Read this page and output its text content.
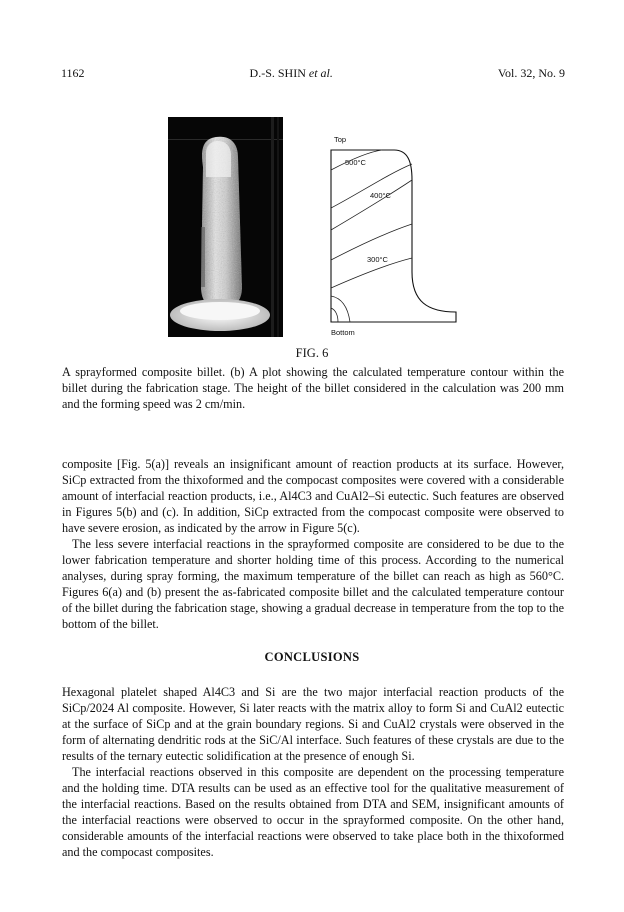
1162	D.-S. SHIN et al.	Vol. 32, No. 9
Top
500°C
400°C
300°C
Bottom
FIG. 6

A sprayformed composite billet. (b) A plot showing the calculated temperature contour within the billet during the fabrication stage. The height of the billet considered in the calculation was 200 mm and the forming speed was 2 cm/min.

composite [Fig. 5(a)] reveals an insignificant amount of reaction products at its surface. However, SiCp extracted from the thixoformed and the compocast composites were covered with a considerable amount of interfacial reaction products, i.e., Al4C3 and CuAl2–Si eutectic. Such features are observed in Figures 5(b) and (c). In addition, SiCp extracted from the compocast composite were observed to have severe erosion, as indicated by the arrow in Figure 5(c).

The less severe interfacial reactions in the sprayformed composite are considered to be due to the lower fabrication temperature and shorter holding time of this process. According to the numerical analyses, during spray forming, the maximum temperature of the billet can reach as high as 560°C. Figures 6(a) and (b) present the as-fabricated composite billet and the calculated temperature contour of the billet during the fabrication stage, showing a gradual decrease in temperature from the top to the bottom of the billet.

CONCLUSIONS

Hexagonal platelet shaped Al4C3 and Si are the two major interfacial reaction products of the SiCp/2024 Al composite. However, Si later reacts with the matrix alloy to form Si and CuAl2 eutectic at the surface of SiCp and at the grain boundary regions. Si and CuAl2 crystals were observed in the form of alternating dendritic rods at the SiC/Al interface. Such features of these crystals are due to the results of the ternary eutectic solidification at the presence of enough Si.

The interfacial reactions observed in this composite are dependent on the processing temperature and the holding time. DTA results can be used as an effective tool for the qualitative measurement of the interfacial reactions. Based on the results obtained from DTA and SEM, insignificant amounts of the interfacial reactions were observed to occur in the sprayformed composite. On the other hand, considerable amounts of the interfacial reactions were observed to take place both in the thixoformed and the compocast composites.
